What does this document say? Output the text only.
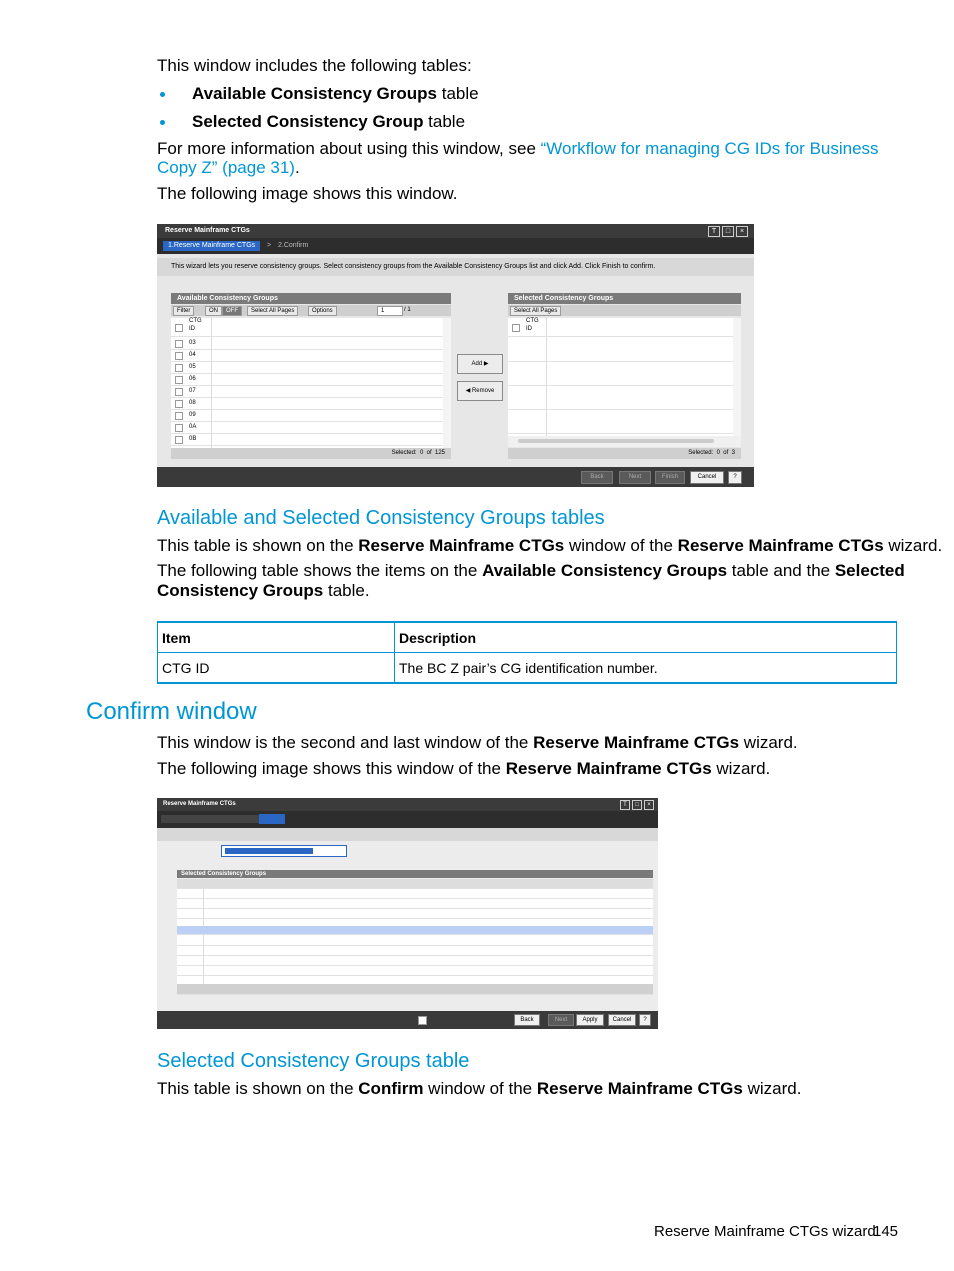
This window includes the following tables:
Available Consistency Groups table
Selected Consistency Group table
For more information about using this window, see “Workflow for managing CG IDs for Business
Copy Z” (page 31).
The following image shows this window.
Reserve Mainframe CTGs	T	□	×
1.Reserve Mainframe CTGs	> 2.Confirm
This wizard lets you reserve consistency groups. Select consistency groups from the Available Consistency Groups list and click Add. Click Finish to confirm.
Available Consistency Groups
Filter	ON	OFF	Select All Pages	Options	1	/ 1
CTG
ID
03
04
05
06
07
08
09
0A
0B
Selected: 0 of 125
Add ▶
◀ Remove
Selected Consistency Groups
Select All Pages
CTG
ID
Selected: 0 of 3
Back	Next	Finish	Cancel	?
Available and Selected Consistency Groups tables
This table is shown on the Reserve Mainframe CTGs window of the Reserve Mainframe CTGs wizard.
The following table shows the items on the Available Consistency Groups table and the Selected
Consistency Groups table.
Item	Description
CTG ID	The BC Z pair’s CG identification number.
Confirm window
This window is the second and last window of the Reserve Mainframe CTGs wizard.
The following image shows this window of the Reserve Mainframe CTGs wizard.
Reserve Mainframe CTGs	T	□	×
Selected Consistency Groups
Back	Next	Apply	Cancel	?
Selected Consistency Groups table
This table is shown on the Confirm window of the Reserve Mainframe CTGs wizard.
Reserve Mainframe CTGs wizard
145
